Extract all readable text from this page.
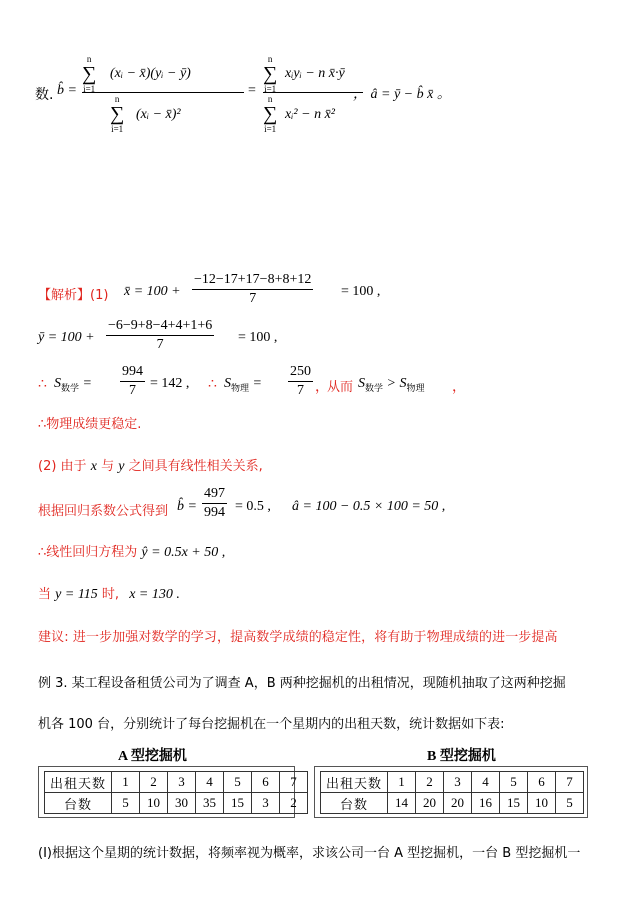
数. b̂ =
n
∑
i=1
(xᵢ − x̄)(yᵢ − ȳ)
n
∑
i=1
(xᵢ − x̄)²
=
n
∑
i=1
xᵢyᵢ − n x̄·ȳ
n
∑
i=1
xᵢ² − n x̄²
， â = ȳ − b̂ x̄ 。
【解析】(1) x̄ = $100 + \frac{-12-17+17-8+8+12}{7} = 100$ ,
ȳ = $100 + \frac{-6-9+8-4+4+1+6}{7} = 100$ ,
∴ $S_{数学} = \frac{994}{7} = 142$ , ∴ $S_{物理} = \frac{250}{7}$ ，
从而 $S_{数学} > S_{物理}$ ，
∴物理成绩更稳定.
(2) 由于 x 与 y 之间具有线性相关关系,
根据回归系数公式得到 b̂ = $\frac{497}{994} = 0.5$ , â = 100 − 0.5 × 100 = 50 ,
∴线性回归方程为 ŷ = 0.5x + 50 ,
当 y = 115 时, x = 130 .
建议: 进一步加强对数学的学习，提高数学成绩的稳定性，将有助于物理成绩的进一步提高
例 3. 某工程设备租赁公司为了调查 A，B 两种挖掘机的出租情况，现随机抽取了这两种挖掘
机各 100 台，分别统计了每台挖掘机在一个星期内的出租天数，统计数据如下表:
A 型挖掘机
出租天数	1	2	3	4	5	6	7
台数	5	10	30	35	15	3	2
B 型挖掘机
出租天数	1	2	3	4	5	6	7
台数	14	20	20	16	15	10	5
(Ⅰ)根据这个星期的统计数据，将频率视为概率，求该公司一台 A 型挖掘机，一台 B 型挖掘机一
